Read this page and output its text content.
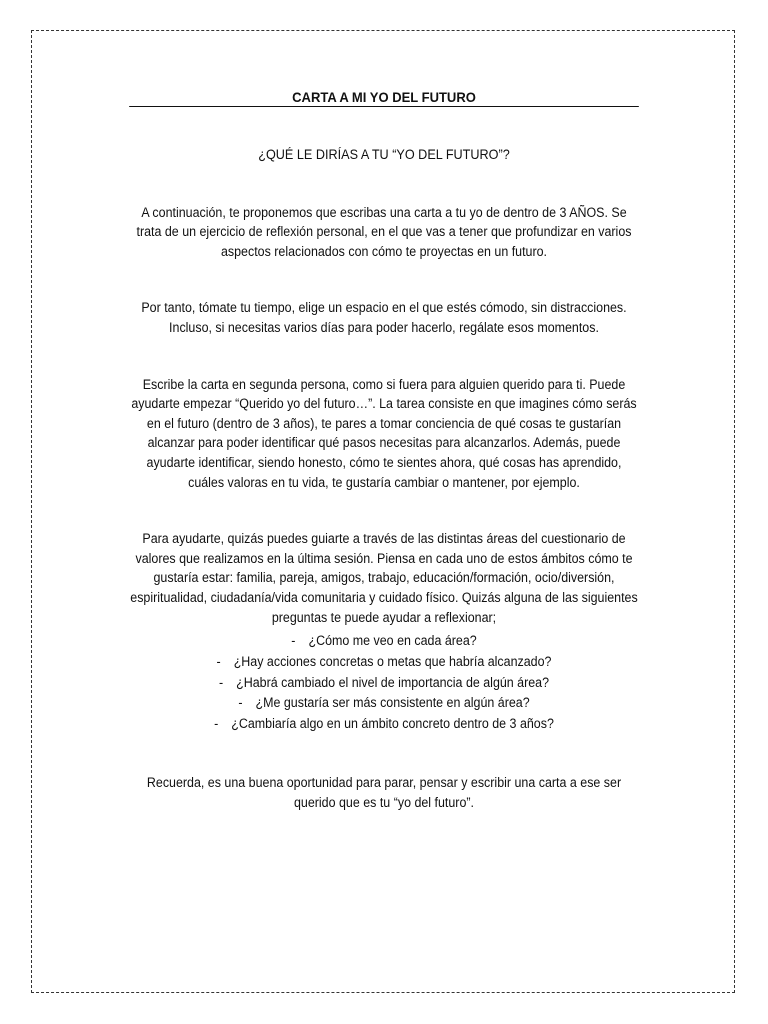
CARTA A MI YO DEL FUTURO
¿QUÉ LE DIRÍAS A TU “YO DEL FUTURO”?

A continuación, te proponemos que escribas una carta a tu yo de dentro de 3 AÑOS. Se trata de un ejercicio de reflexión personal, en el que vas a tener que profundizar en varios aspectos relacionados con cómo te proyectas en un futuro.

Por tanto, tómate tu tiempo, elige un espacio en el que estés cómodo, sin distracciones. Incluso, si necesitas varios días para poder hacerlo, regálate esos momentos.

Escribe la carta en segunda persona, como si fuera para alguien querido para ti. Puede ayudarte empezar “Querido yo del futuro…”. La tarea consiste en que imagines cómo serás en el futuro (dentro de 3 años), te pares a tomar conciencia de qué cosas te gustarían alcanzar para poder identificar qué pasos necesitas para alcanzarlos. Además, puede ayudarte identificar, siendo honesto, cómo te sientes ahora, qué cosas has aprendido, cuáles valoras en tu vida, te gustaría cambiar o mantener, por ejemplo.

Para ayudarte, quizás puedes guiarte a través de las distintas áreas del cuestionario de valores que realizamos en la última sesión. Piensa en cada uno de estos ámbitos cómo te gustaría estar: familia, pareja, amigos, trabajo, educación/formación, ocio/diversión, espiritualidad, ciudadanía/vida comunitaria y cuidado físico. Quizás alguna de las siguientes preguntas te puede ayudar a reflexionar;

- ¿Cómo me veo en cada área?
- ¿Hay acciones concretas o metas que habría alcanzado?
- ¿Habrá cambiado el nivel de importancia de algún área?
- ¿Me gustaría ser más consistente en algún área?
- ¿Cambiaría algo en un ámbito concreto dentro de 3 años?

Recuerda, es una buena oportunidad para parar, pensar y escribir una carta a ese ser querido que es tu “yo del futuro”.
